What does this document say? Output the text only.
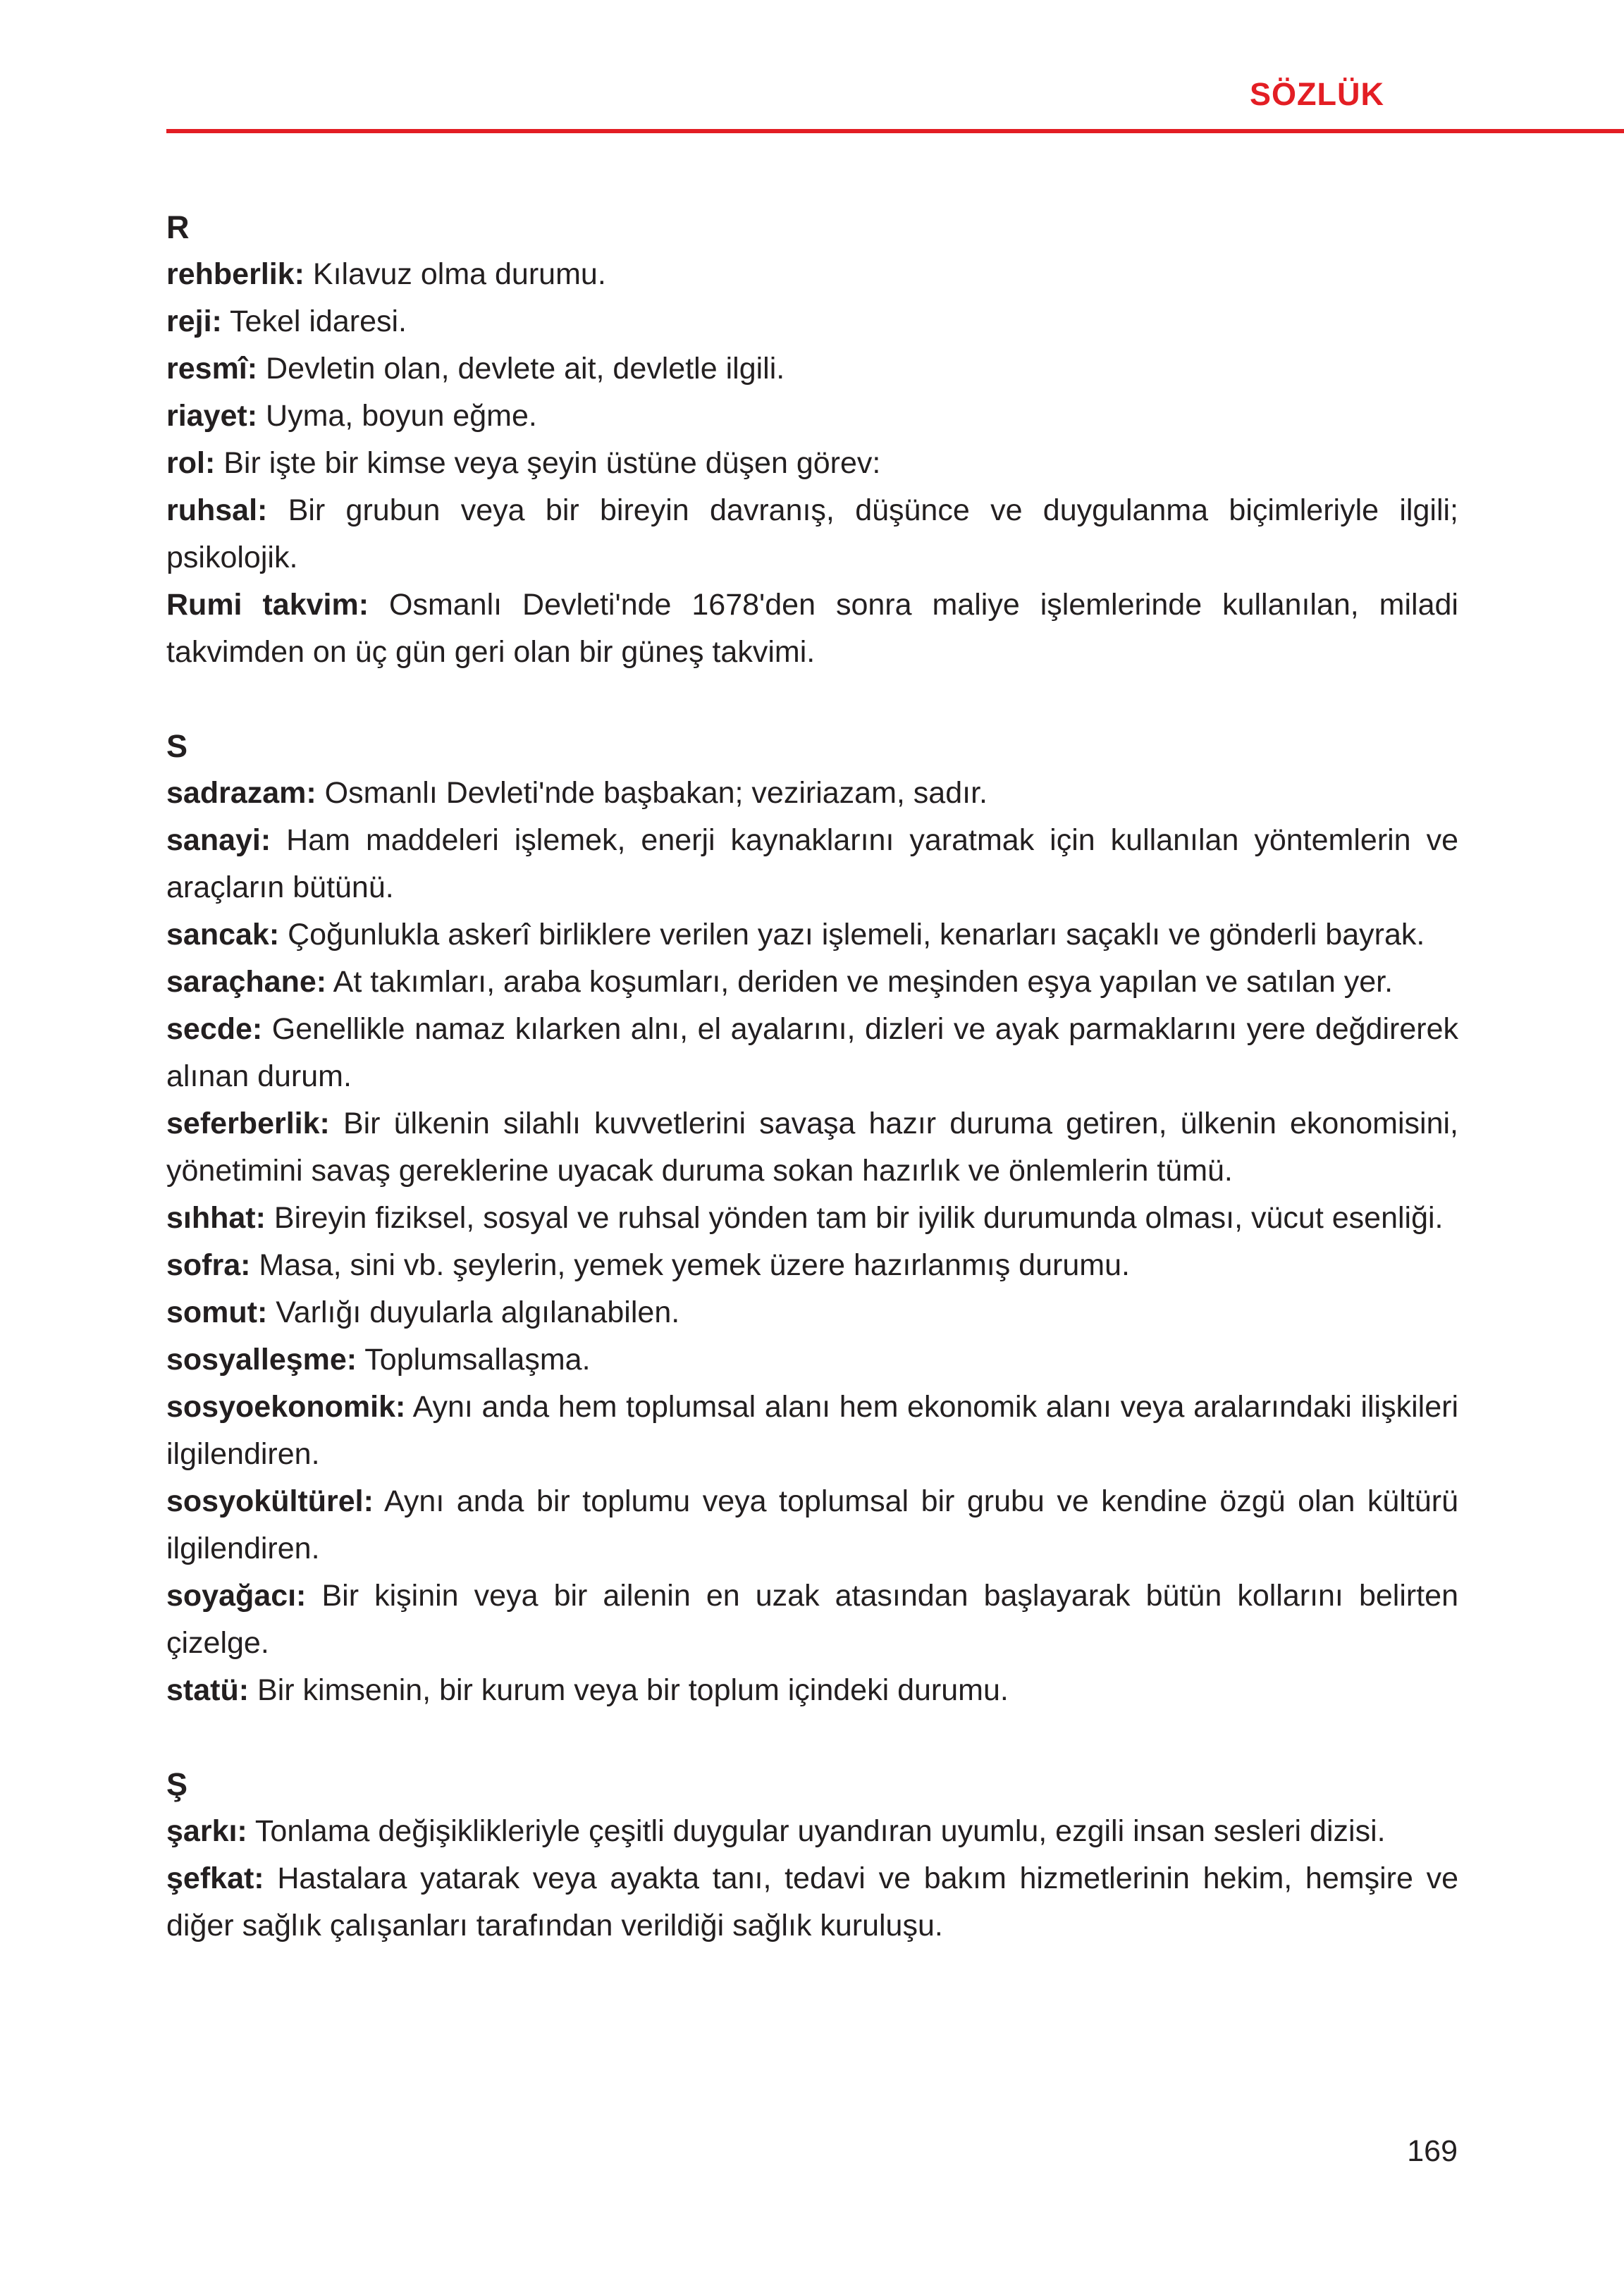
SÖZLÜK

R

rehberlik: Kılavuz olma durumu.

reji: Tekel idaresi.

resmî: Devletin olan, devlete ait, devletle ilgili.

riayet: Uyma, boyun eğme.

rol: Bir işte bir kimse veya şeyin üstüne düşen görev:

ruhsal: Bir grubun veya bir bireyin davranış, düşünce ve duygulanma biçimleriyle ilgili; psikolojik.

Rumi takvim: Osmanlı Devleti'nde 1678'den sonra maliye işlemlerinde kullanılan, miladi takvimden on üç gün geri olan bir güneş takvimi.

S

sadrazam: Osmanlı Devleti'nde başbakan; veziriazam, sadır.

sanayi: Ham maddeleri işlemek, enerji kaynaklarını yaratmak için kullanılan yöntemlerin ve araçların bütünü.

sancak: Çoğunlukla askerî birliklere verilen yazı işlemeli, kenarları saçaklı ve gönderli bayrak.

saraçhane: At takımları, araba koşumları, deriden ve meşinden eşya yapılan ve satılan yer.

secde: Genellikle namaz kılarken alnı, el ayalarını, dizleri ve ayak parmaklarını yere değdirerek alınan durum.

seferberlik: Bir ülkenin silahlı kuvvetlerini savaşa hazır duruma getiren, ülkenin ekonomisini, yönetimini savaş gereklerine uyacak duruma sokan hazırlık ve önlemlerin tümü.

sıhhat: Bireyin fiziksel, sosyal ve ruhsal yönden tam bir iyilik durumunda olması, vücut esenliği.

sofra: Masa, sini vb. şeylerin, yemek yemek üzere hazırlanmış durumu.

somut: Varlığı duyularla algılanabilen.

sosyalleşme: Toplumsallaşma.

sosyoekonomik: Aynı anda hem toplumsal alanı hem ekonomik alanı veya aralarındaki ilişkileri ilgilendiren.

sosyokültürel: Aynı anda bir toplumu veya toplumsal bir grubu ve kendine özgü olan kültürü ilgilendiren.

soyağacı: Bir kişinin veya bir ailenin en uzak atasından başlayarak bütün kollarını belirten çizelge.

statü: Bir kimsenin, bir kurum veya bir toplum içindeki durumu.

Ş

şarkı: Tonlama değişiklikleriyle çeşitli duygular uyandıran uyumlu, ezgili insan sesleri dizisi.

şefkat: Hastalara yatarak veya ayakta tanı, tedavi ve bakım hizmetlerinin hekim, hemşire ve diğer sağlık çalışanları tarafından verildiği sağlık kuruluşu.

169
